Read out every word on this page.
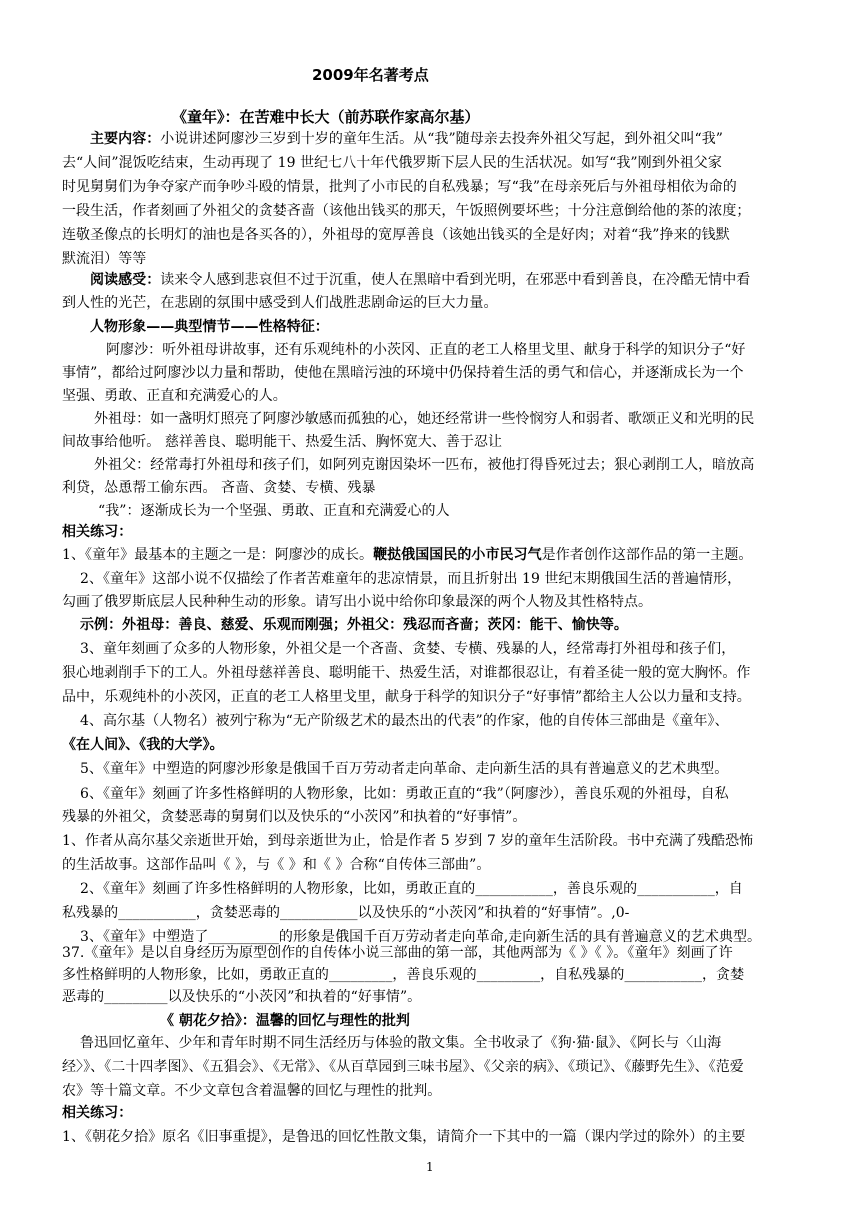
2009年名著考点
《童年》：在苦难中长大（前苏联作家高尔基）
主要内容：小说讲述阿廖沙三岁到十岁的童年生活。从“我”随母亲去投奔外祖父写起，到外祖父叫“我”
去“人间”混饭吃结束，生动再现了 19 世纪七八十年代俄罗斯下层人民的生活状况。如写“我”刚到外祖父家
时见舅舅们为争夺家产而争吵斗殴的情景，批判了小市民的自私残暴；写“我”在母亲死后与外祖母相依为命的
一段生活，作者刻画了外祖父的贪婪吝啬（该他出钱买的那天，午饭照例要坏些；十分注意倒给他的茶的浓度；
连敬圣像点的长明灯的油也是各买各的），外祖母的宽厚善良（该她出钱买的全是好肉；对着“我”挣来的钱默
默流泪）等等
阅读感受：读来令人感到悲哀但不过于沉重，使人在黑暗中看到光明，在邪恶中看到善良，在冷酷无情中看
到人性的光芒，在悲剧的氛围中感受到人们战胜悲剧命运的巨大力量。
人物形象——典型情节——性格特征：
阿廖沙：听外祖母讲故事，还有乐观纯朴的小茨冈、正直的老工人格里戈里、献身于科学的知识分子“好
事情”，都给过阿廖沙以力量和帮助，使他在黑暗污浊的环境中仍保持着生活的勇气和信心，并逐渐成长为一个
坚强、勇敢、正直和充满爱心的人。
外祖母：如一盏明灯照亮了阿廖沙敏感而孤独的心，她还经常讲一些怜悯穷人和弱者、歌颂正义和光明的民
间故事给他听。 慈祥善良、聪明能干、热爱生活、胸怀宽大、善于忍让
外祖父：经常毒打外祖母和孩子们，如阿列克谢因染坏一匹布，被他打得昏死过去；狠心剥削工人，暗放高
利贷，怂恿帮工偷东西。 吝啬、贪婪、专横、残暴
“我”：逐渐成长为一个坚强、勇敢、正直和充满爱心的人
相关练习：
1、《童年》最基本的主题之一是：阿廖沙的成长。鞭挞俄国国民的小市民习气是作者创作这部作品的第一主题。
2、《童年》这部小说不仅描绘了作者苦难童年的悲凉情景，而且折射出 19 世纪末期俄国生活的普遍情形，
勾画了俄罗斯底层人民种种生动的形象。请写出小说中给你印象最深的两个人物及其性格特点。
示例：外祖母：善良、慈爱、乐观而刚强；外祖父：残忍而吝啬；茨冈：能干、愉快等。
3、童年刻画了众多的人物形象，外祖父是一个吝啬、贪婪、专横、残暴的人，经常毒打外祖母和孩子们，
狠心地剥削手下的工人。外祖母慈祥善良、聪明能干、热爱生活，对谁都很忍让，有着圣徒一般的宽大胸怀。作
品中，乐观纯朴的小茨冈，正直的老工人格里戈里，献身于科学的知识分子“好事情”都给主人公以力量和支持。
4、高尔基（人物名）被列宁称为“无产阶级艺术的最杰出的代表”的作家，他的自传体三部曲是《童年》、
《在人间》、《我的大学》。
5、《童年》中塑造的阿廖沙形象是俄国千百万劳动者走向革命、走向新生活的具有普遍意义的艺术典型。
6、《童年》刻画了许多性格鲜明的人物形象，比如：勇敢正直的“我”（阿廖沙），善良乐观的外祖母，自私
残暴的外祖父，贪婪恶毒的舅舅们以及快乐的“小茨冈”和执着的“好事情”。
1、作者从高尔基父亲逝世开始，到母亲逝世为止，恰是作者 5 岁到 7 岁的童年生活阶段。书中充满了残酷恐怖
的生活故事。这部作品叫《 》，与《 》和《 》合称“自传体三部曲”。
2、《童年》刻画了许多性格鲜明的人物形象，比如，勇敢正直的___________，善良乐观的___________，自
私残暴的___________，贪婪恶毒的___________以及快乐的“小茨冈”和执着的“好事情”。,0-
3、《童年》中塑造了__________的形象是俄国千百万劳动者走向革命,走向新生活的具有普遍意义的艺术典型。
37.《童年》是以自身经历为原型创作的自传体小说三部曲的第一部，其他两部为《 》《 》。《童年》刻画了许
多性格鲜明的人物形象，比如，勇敢正直的_________，善良乐观的_________，自私残暴的___________，贪婪
恶毒的_________以及快乐的“小茨冈”和执着的“好事情”。
《 朝花夕拾》：温馨的回忆与理性的批判
鲁迅回忆童年、少年和青年时期不同生活经历与体验的散文集。全书收录了《狗·猫·鼠》、《阿长与〈山海
经〉》、《二十四孝图》、《五猖会》、《无常》、《从百草园到三味书屋》、《父亲的病》、《琐记》、《藤野先生》、《范爱
农》等十篇文章。不少文章包含着温馨的回忆与理性的批判。
相关练习：
1、《朝花夕拾》原名《旧事重提》，是鲁迅的回忆性散文集，请简介一下其中的一篇（课内学过的除外）的主要
1
